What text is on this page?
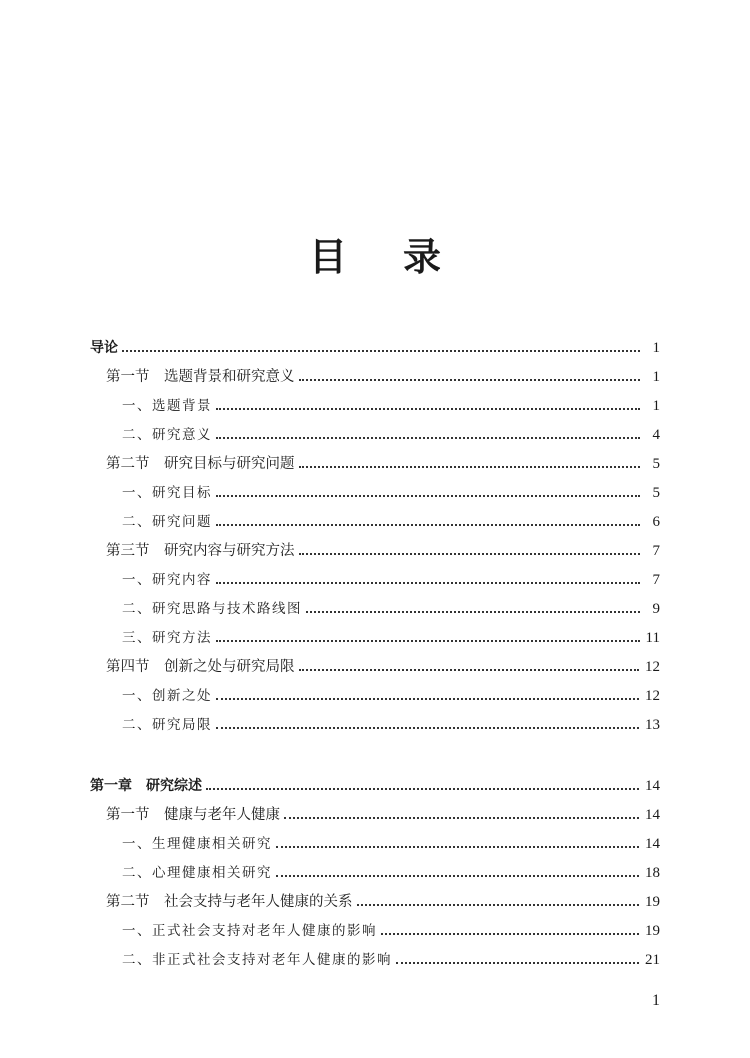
目录
导论	1
第一节　选题背景和研究意义	1
一、选题背景	1
二、研究意义	4
第二节　研究目标与研究问题	5
一、研究目标	5
二、研究问题	6
第三节　研究内容与研究方法	7
一、研究内容	7
二、研究思路与技术路线图	9
三、研究方法	11
第四节　创新之处与研究局限	12
一、创新之处	12
二、研究局限	13
第一章　研究综述	14
第一节　健康与老年人健康	14
一、生理健康相关研究	14
二、心理健康相关研究	18
第二节　社会支持与老年人健康的关系	19
一、正式社会支持对老年人健康的影响	19
二、非正式社会支持对老年人健康的影响	21
1
